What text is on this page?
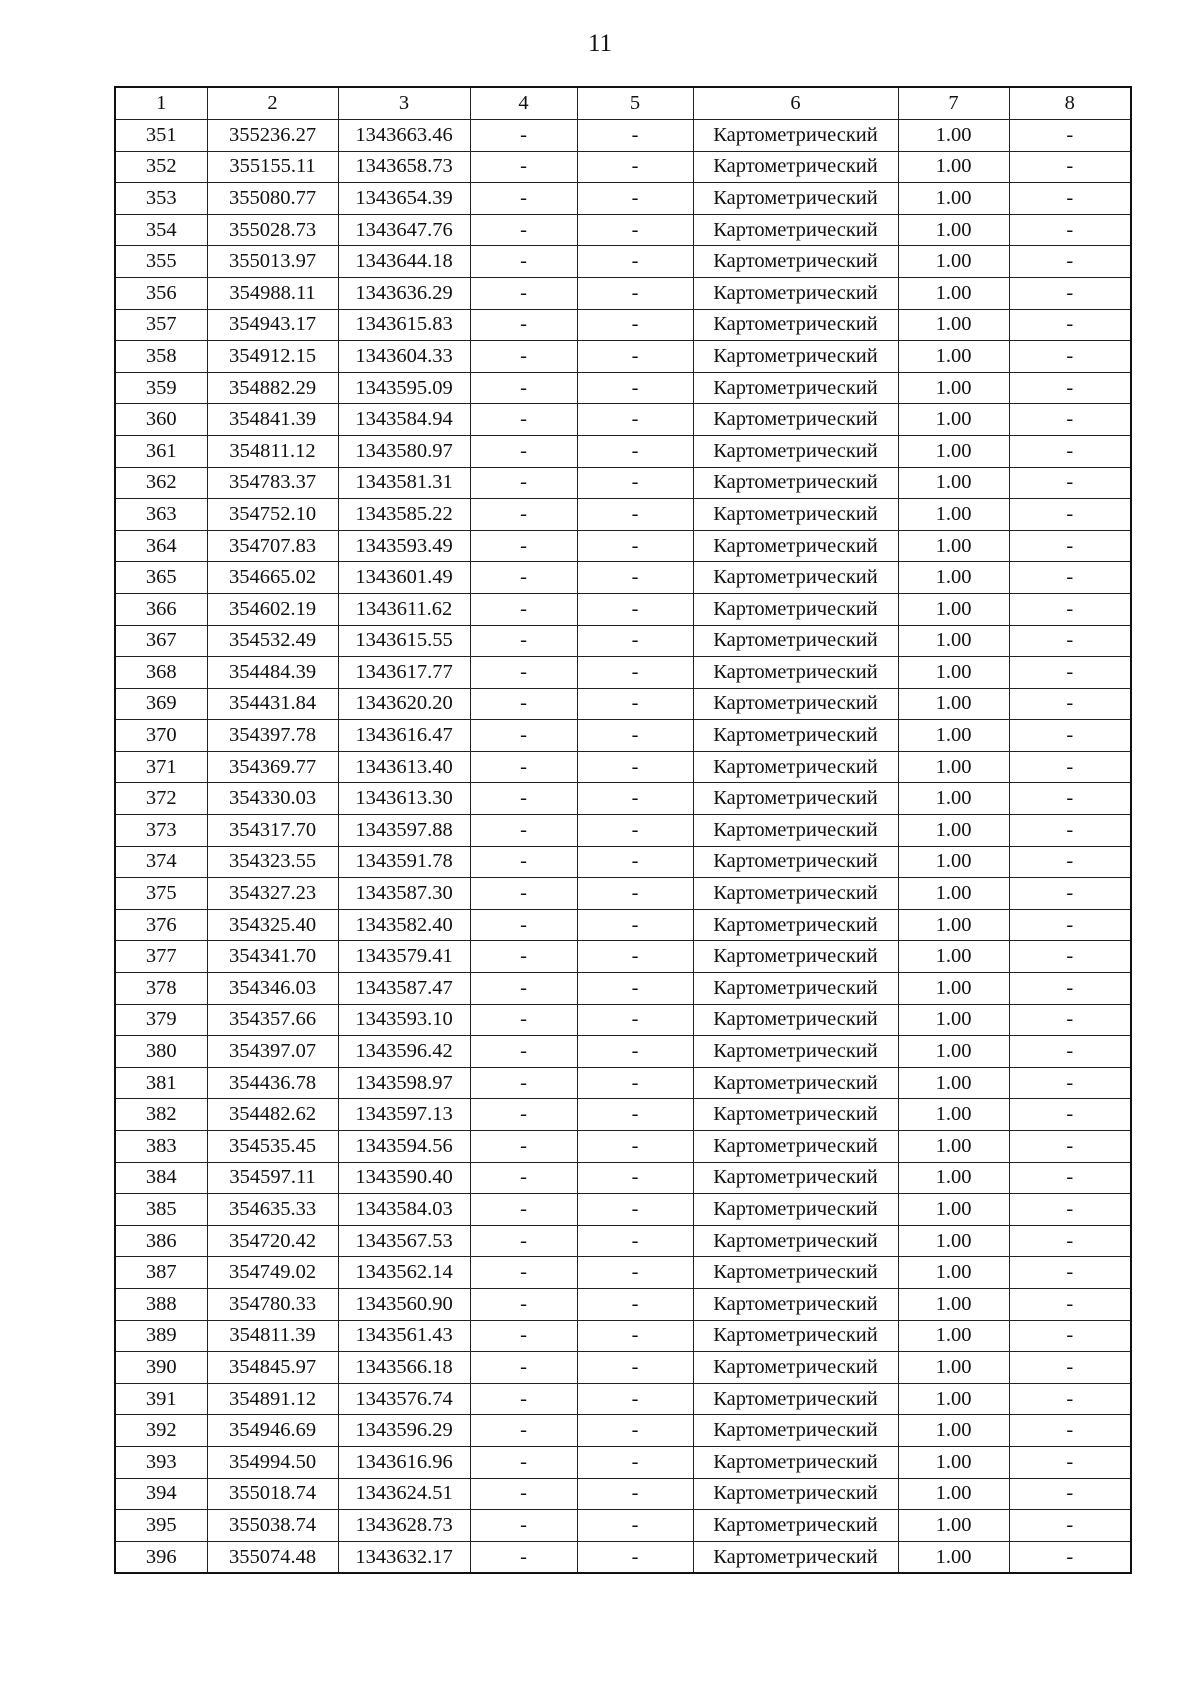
11
1	2	3	4	5	6	7	8
351	355236.27	1343663.46	-	-	Картометрический	1.00	-
352	355155.11	1343658.73	-	-	Картометрический	1.00	-
353	355080.77	1343654.39	-	-	Картометрический	1.00	-
354	355028.73	1343647.76	-	-	Картометрический	1.00	-
355	355013.97	1343644.18	-	-	Картометрический	1.00	-
356	354988.11	1343636.29	-	-	Картометрический	1.00	-
357	354943.17	1343615.83	-	-	Картометрический	1.00	-
358	354912.15	1343604.33	-	-	Картометрический	1.00	-
359	354882.29	1343595.09	-	-	Картометрический	1.00	-
360	354841.39	1343584.94	-	-	Картометрический	1.00	-
361	354811.12	1343580.97	-	-	Картометрический	1.00	-
362	354783.37	1343581.31	-	-	Картометрический	1.00	-
363	354752.10	1343585.22	-	-	Картометрический	1.00	-
364	354707.83	1343593.49	-	-	Картометрический	1.00	-
365	354665.02	1343601.49	-	-	Картометрический	1.00	-
366	354602.19	1343611.62	-	-	Картометрический	1.00	-
367	354532.49	1343615.55	-	-	Картометрический	1.00	-
368	354484.39	1343617.77	-	-	Картометрический	1.00	-
369	354431.84	1343620.20	-	-	Картометрический	1.00	-
370	354397.78	1343616.47	-	-	Картометрический	1.00	-
371	354369.77	1343613.40	-	-	Картометрический	1.00	-
372	354330.03	1343613.30	-	-	Картометрический	1.00	-
373	354317.70	1343597.88	-	-	Картометрический	1.00	-
374	354323.55	1343591.78	-	-	Картометрический	1.00	-
375	354327.23	1343587.30	-	-	Картометрический	1.00	-
376	354325.40	1343582.40	-	-	Картометрический	1.00	-
377	354341.70	1343579.41	-	-	Картометрический	1.00	-
378	354346.03	1343587.47	-	-	Картометрический	1.00	-
379	354357.66	1343593.10	-	-	Картометрический	1.00	-
380	354397.07	1343596.42	-	-	Картометрический	1.00	-
381	354436.78	1343598.97	-	-	Картометрический	1.00	-
382	354482.62	1343597.13	-	-	Картометрический	1.00	-
383	354535.45	1343594.56	-	-	Картометрический	1.00	-
384	354597.11	1343590.40	-	-	Картометрический	1.00	-
385	354635.33	1343584.03	-	-	Картометрический	1.00	-
386	354720.42	1343567.53	-	-	Картометрический	1.00	-
387	354749.02	1343562.14	-	-	Картометрический	1.00	-
388	354780.33	1343560.90	-	-	Картометрический	1.00	-
389	354811.39	1343561.43	-	-	Картометрический	1.00	-
390	354845.97	1343566.18	-	-	Картометрический	1.00	-
391	354891.12	1343576.74	-	-	Картометрический	1.00	-
392	354946.69	1343596.29	-	-	Картометрический	1.00	-
393	354994.50	1343616.96	-	-	Картометрический	1.00	-
394	355018.74	1343624.51	-	-	Картометрический	1.00	-
395	355038.74	1343628.73	-	-	Картометрический	1.00	-
396	355074.48	1343632.17	-	-	Картометрический	1.00	-
